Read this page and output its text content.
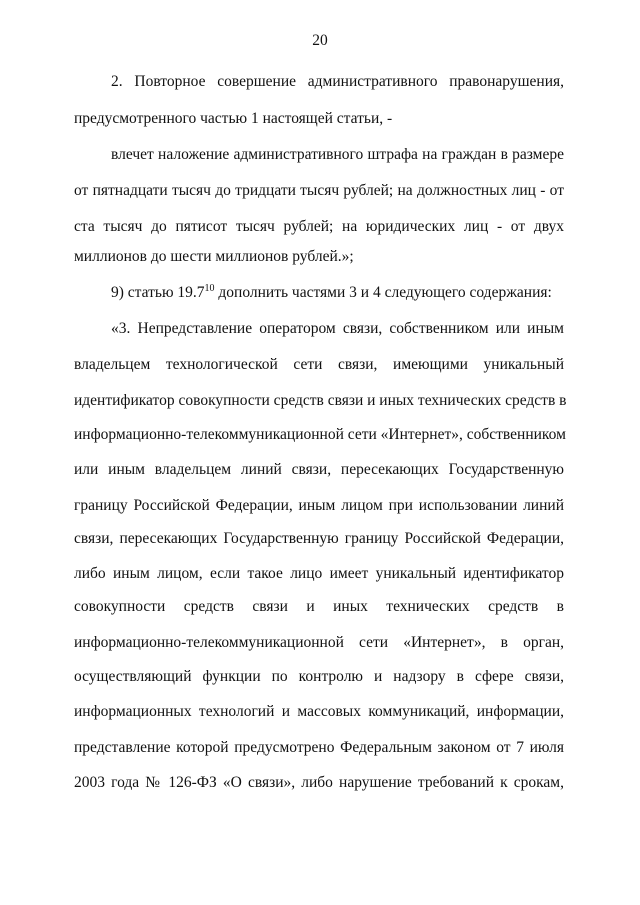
20
2. Повторное совершение административного правонарушения,
предусмотренного частью 1 настоящей статьи, -
влечет наложение административного штрафа на граждан в размере
от пятнадцати тысяч до тридцати тысяч рублей; на должностных лиц - от
ста тысяч до пятисот тысяч рублей; на юридических лиц - от двух
миллионов до шести миллионов рублей.»;
9) статью 19.7$^{10}$ дополнить частями 3 и 4 следующего содержания:
«3. Непредставление оператором связи, собственником или иным
владельцем технологической сети связи, имеющими уникальный
идентификатор совокупности средств связи и иных технических средств в
информационно-телекоммуникационной сети «Интернет», собственником
или иным владельцем линий связи, пересекающих Государственную
границу Российской Федерации, иным лицом при использовании линий
связи, пересекающих Государственную границу Российской Федерации,
либо иным лицом, если такое лицо имеет уникальный идентификатор
совокупности средств связи и иных технических средств в
информационно-телекоммуникационной сети «Интернет», в орган,
осуществляющий функции по контролю и надзору в сфере связи,
информационных технологий и массовых коммуникаций, информации,
представление которой предусмотрено Федеральным законом от 7 июля
2003 года № 126-ФЗ «О связи», либо нарушение требований к срокам,
